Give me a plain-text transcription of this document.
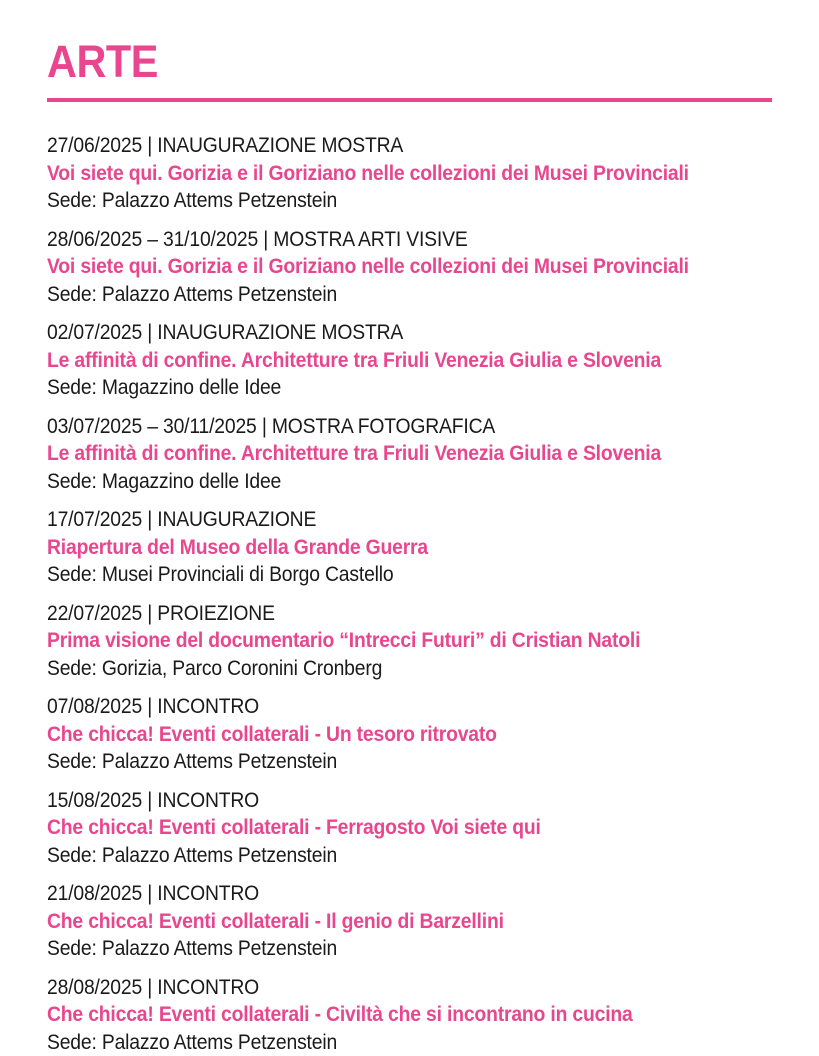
ARTE

27/06/2025 | INAUGURAZIONE MOSTRA

Voi siete qui. Gorizia e il Goriziano nelle collezioni dei Musei Provinciali

Sede: Palazzo Attems Petzenstein

28/06/2025 – 31/10/2025 | MOSTRA ARTI VISIVE

Voi siete qui. Gorizia e il Goriziano nelle collezioni dei Musei Provinciali

Sede: Palazzo Attems Petzenstein

02/07/2025 | INAUGURAZIONE MOSTRA

Le affinità di confine. Architetture tra Friuli Venezia Giulia e Slovenia

Sede: Magazzino delle Idee

03/07/2025 – 30/11/2025 | MOSTRA FOTOGRAFICA

Le affinità di confine. Architetture tra Friuli Venezia Giulia e Slovenia

Sede: Magazzino delle Idee

17/07/2025 | INAUGURAZIONE

Riapertura del Museo della Grande Guerra

Sede: Musei Provinciali di Borgo Castello

22/07/2025 | PROIEZIONE

Prima visione del documentario “Intrecci Futuri” di Cristian Natoli

Sede: Gorizia, Parco Coronini Cronberg

07/08/2025 | INCONTRO

Che chicca! Eventi collaterali - Un tesoro ritrovato

Sede: Palazzo Attems Petzenstein

15/08/2025 | INCONTRO

Che chicca! Eventi collaterali - Ferragosto Voi siete qui

Sede: Palazzo Attems Petzenstein

21/08/2025 | INCONTRO

Che chicca! Eventi collaterali - Il genio di Barzellini

Sede: Palazzo Attems Petzenstein

28/08/2025 | INCONTRO

Che chicca! Eventi collaterali - Civiltà che si incontrano in cucina

Sede: Palazzo Attems Petzenstein
